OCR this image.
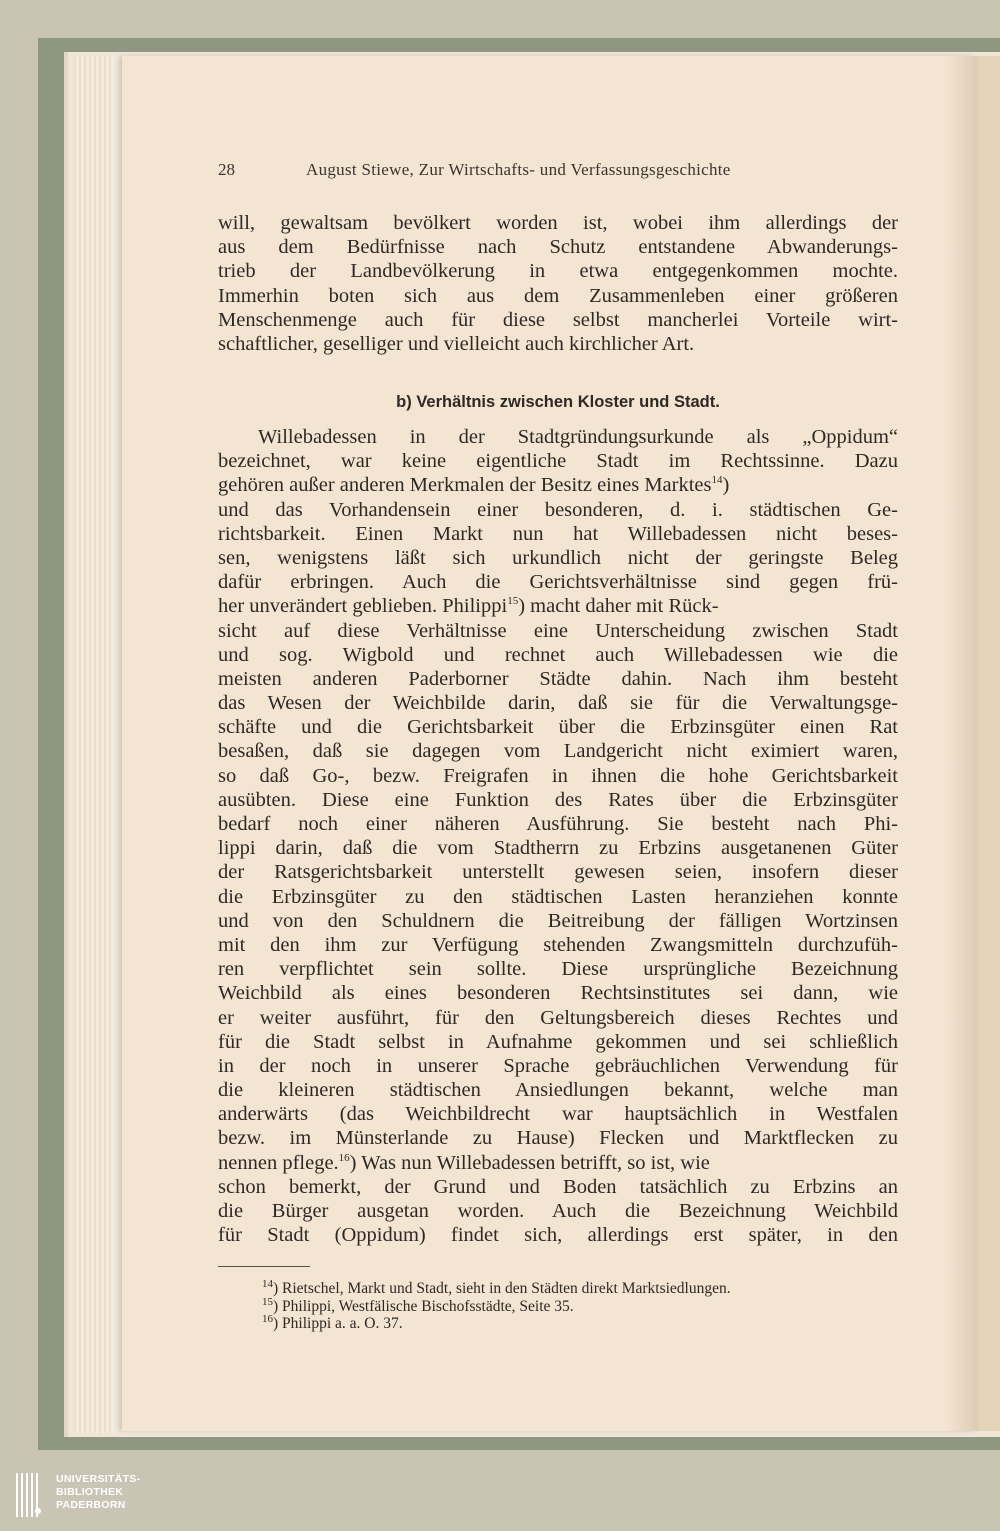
28	August Stiewe, Zur Wirtschafts- und Verfassungsgeschichte
will, gewaltsam bevölkert worden ist, wobei ihm allerdings der
aus dem Bedürfnisse nach Schutz entstandene Abwanderungs-
trieb der Landbevölkerung in etwa entgegenkommen mochte.
Immerhin boten sich aus dem Zusammenleben einer größeren
Menschenmenge auch für diese selbst mancherlei Vorteile wirt-
schaftlicher, geselliger und vielleicht auch kirchlicher Art.
b) Verhältnis zwischen Kloster und Stadt.
Willebadessen in der Stadtgründungsurkunde als „Oppidum“
bezeichnet, war keine eigentliche Stadt im Rechtssinne. Dazu
gehören außer anderen Merkmalen der Besitz eines Marktes$^{14}$)
und das Vorhandensein einer besonderen, d. i. städtischen Ge-
richtsbarkeit. Einen Markt nun hat Willebadessen nicht beses-
sen, wenigstens läßt sich urkundlich nicht der geringste Beleg
dafür erbringen. Auch die Gerichtsverhältnisse sind gegen frü-
her unverändert geblieben. Philippi$^{15}$) macht daher mit Rück-
sicht auf diese Verhältnisse eine Unterscheidung zwischen Stadt
und sog. Wigbold und rechnet auch Willebadessen wie die
meisten anderen Paderborner Städte dahin. Nach ihm besteht
das Wesen der Weichbilde darin, daß sie für die Verwaltungsge-
schäfte und die Gerichtsbarkeit über die Erbzinsgüter einen Rat
besaßen, daß sie dagegen vom Landgericht nicht eximiert waren,
so daß Go-, bezw. Freigrafen in ihnen die hohe Gerichtsbarkeit
ausübten. Diese eine Funktion des Rates über die Erbzinsgüter
bedarf noch einer näheren Ausführung. Sie besteht nach Phi-
lippi darin, daß die vom Stadtherrn zu Erbzins ausgetanenen Güter
der Ratsgerichtsbarkeit unterstellt gewesen seien, insofern dieser
die Erbzinsgüter zu den städtischen Lasten heranziehen konnte
und von den Schuldnern die Beitreibung der fälligen Wortzinsen
mit den ihm zur Verfügung stehenden Zwangsmitteln durchzufüh-
ren verpflichtet sein sollte. Diese ursprüngliche Bezeichnung
Weichbild als eines besonderen Rechtsinstitutes sei dann, wie
er weiter ausführt, für den Geltungsbereich dieses Rechtes und
für die Stadt selbst in Aufnahme gekommen und sei schließlich
in der noch in unserer Sprache gebräuchlichen Verwendung für
die kleineren städtischen Ansiedlungen bekannt, welche man
anderwärts (das Weichbildrecht war hauptsächlich in Westfalen
bezw. im Münsterlande zu Hause) Flecken und Marktflecken zu
nennen pflege.$^{16}$) Was nun Willebadessen betrifft, so ist, wie
schon bemerkt, der Grund und Boden tatsächlich zu Erbzins an
die Bürger ausgetan worden. Auch die Bezeichnung Weichbild
für Stadt (Oppidum) findet sich, allerdings erst später, in den
$^{14}$) Rietschel, Markt und Stadt, sieht in den Städten direkt Marktsiedlungen.
$^{15}$) Philippi, Westfälische Bischofsstädte, Seite 35.
$^{16}$) Philippi a. a. O. 37.
UNIVERSITÄTS-
BIBLIOTHEK
PADERBORN
